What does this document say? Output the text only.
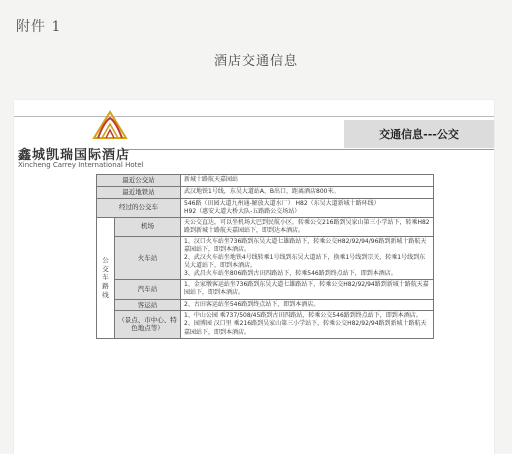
附件 1
酒店交通信息
鑫城凯瑞国际酒店
Xincheng Carrey International Hotel
交通信息---公交
最近公交站		新城十路航天嘉园站
最近地铁站		武汉地铁1号线，东吴大道站A、B出口，距离酒店800米。
经过的公交车		546路（田园大道九州通-解放大道水厂） H82（东吴大道新城十路环线）
H92（惠安大道大桥大队-五路路公交场站）

公交车路线	机场	天公交直达，可以坐机场大巴到民航小区，转乘公交216路到吴家山第三小学站下，转乘H82路到新城十路航天嘉园站下，即到达本酒店。

	火车站	1、汉口火车站坐736路到东吴大道七雄路站下，转乘公交H82/92/94/96路到新城十路航天嘉园站下，即到本酒店。
2、武汉火车站坐地铁4号线转乘1号线到东吴大道站下，换乘1号线到宗关，转乘1号线到东吴大道站下，即到本酒店。
3、武昌火车站坐806路到古田四路站下，转乘546路到终点站下，即到本酒店。

	汽车站	1、金家墩客运站坐736路到东吴大道七雄路站下，转乘公交H82/92/94路到新城十路航天嘉园站下，即到本酒店。

	客运站	2、古田客运站坐546路到终点站下，即到本酒店。

	（景点、市中心、特色地点等）	1、中山公园 乘737/508/45路到古田四路站，转乘公交546路到终点站下，即到本酒店。
2、园博园 汉口里 乘216路到吴家山第三小学站下，转乘公交H82/92/94路到新城十路航天嘉园站下，即到本酒店。
